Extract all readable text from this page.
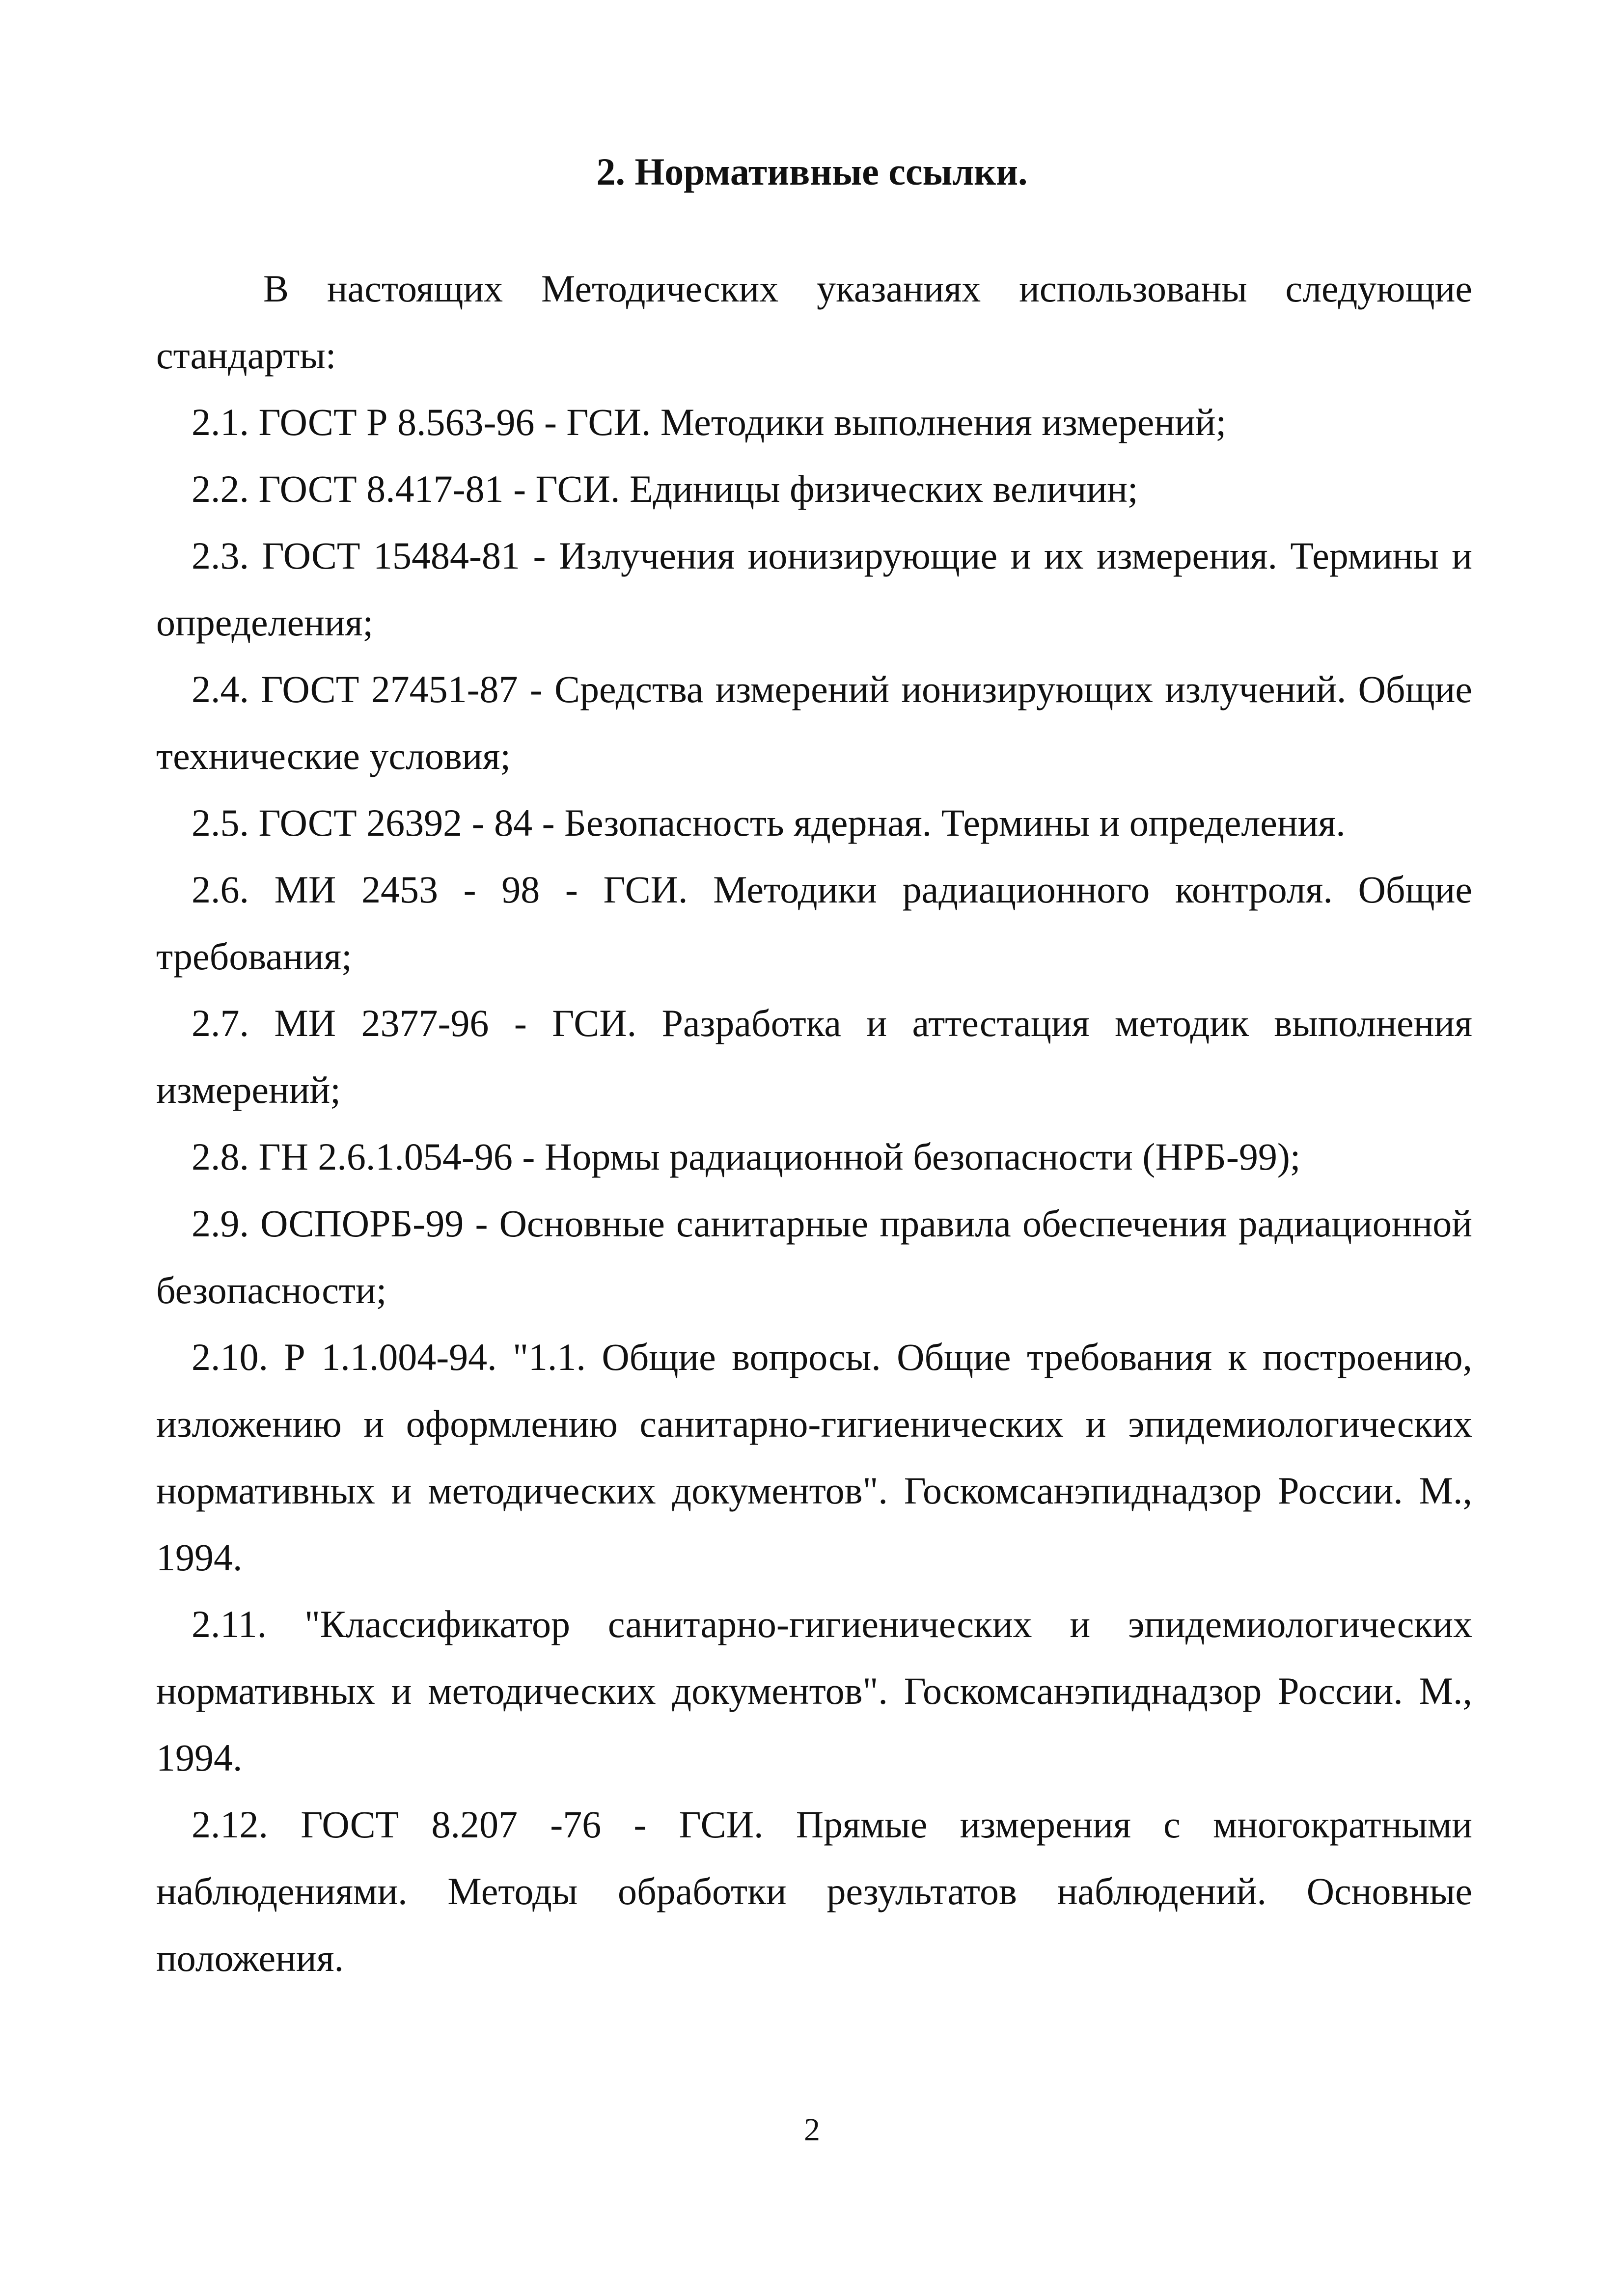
2. Нормативные ссылки.

В настоящих Методических указаниях использованы следующие стандарты:

2.1. ГОСТ Р 8.563-96 - ГСИ. Методики выполнения измерений;

2.2. ГОСТ 8.417-81 - ГСИ. Единицы физических величин;

2.3. ГОСТ 15484-81 - Излучения ионизирующие и их измерения. Термины и определения;

2.4. ГОСТ 27451-87 - Средства измерений ионизирующих излучений. Общие технические условия;

2.5. ГОСТ 26392 - 84 - Безопасность ядерная. Термины и определения.

2.6. МИ 2453 - 98 - ГСИ. Методики радиационного контроля. Общие требования;

2.7. МИ 2377-96 - ГСИ. Разработка и аттестация методик выполнения измерений;

2.8. ГН 2.6.1.054-96 - Нормы радиационной безопасности (НРБ-99);

2.9. ОСПОРБ-99 - Основные санитарные правила обеспечения радиационной безопасности;

2.10. Р 1.1.004-94. "1.1. Общие вопросы. Общие требования к построению, изложению и оформлению санитарно-гигиенических и эпидемиологических нормативных и методических документов". Госкомсанэпиднадзор России. М., 1994.

2.11. "Классификатор санитарно-гигиенических и эпидемиологических нормативных и методических документов". Госкомсанэпиднадзор России. М., 1994.

2.12. ГОСТ 8.207 -76 - ГСИ. Прямые измерения с многократными наблюдениями. Методы обработки результатов наблюдений. Основные положения.

2
